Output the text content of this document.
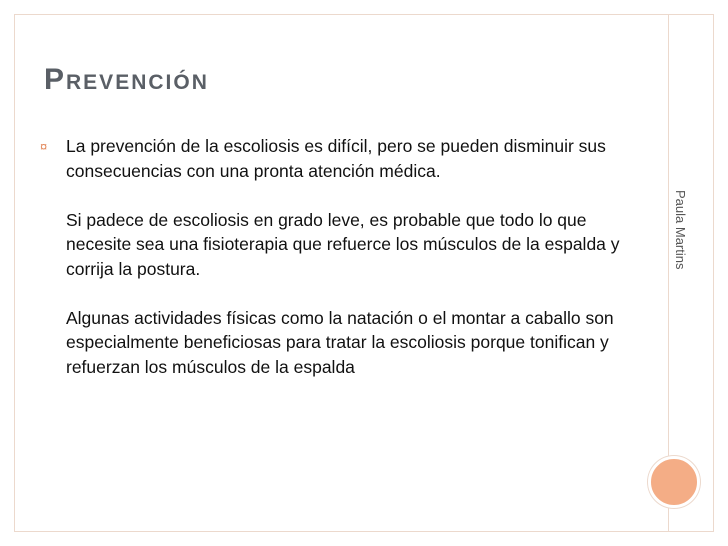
Prevención
¤ La prevención de la escoliosis es difícil, pero se pueden disminuir sus consecuencias con una pronta atención médica.

Si padece de escoliosis en grado leve, es probable que todo lo que necesite sea una fisioterapia que refuerce los músculos de la espalda y corrija la postura.

Algunas actividades físicas como la natación o el montar a caballo son especialmente beneficiosas para tratar la escoliosis porque tonifican y refuerzan los músculos de la espalda
Paula Martins
